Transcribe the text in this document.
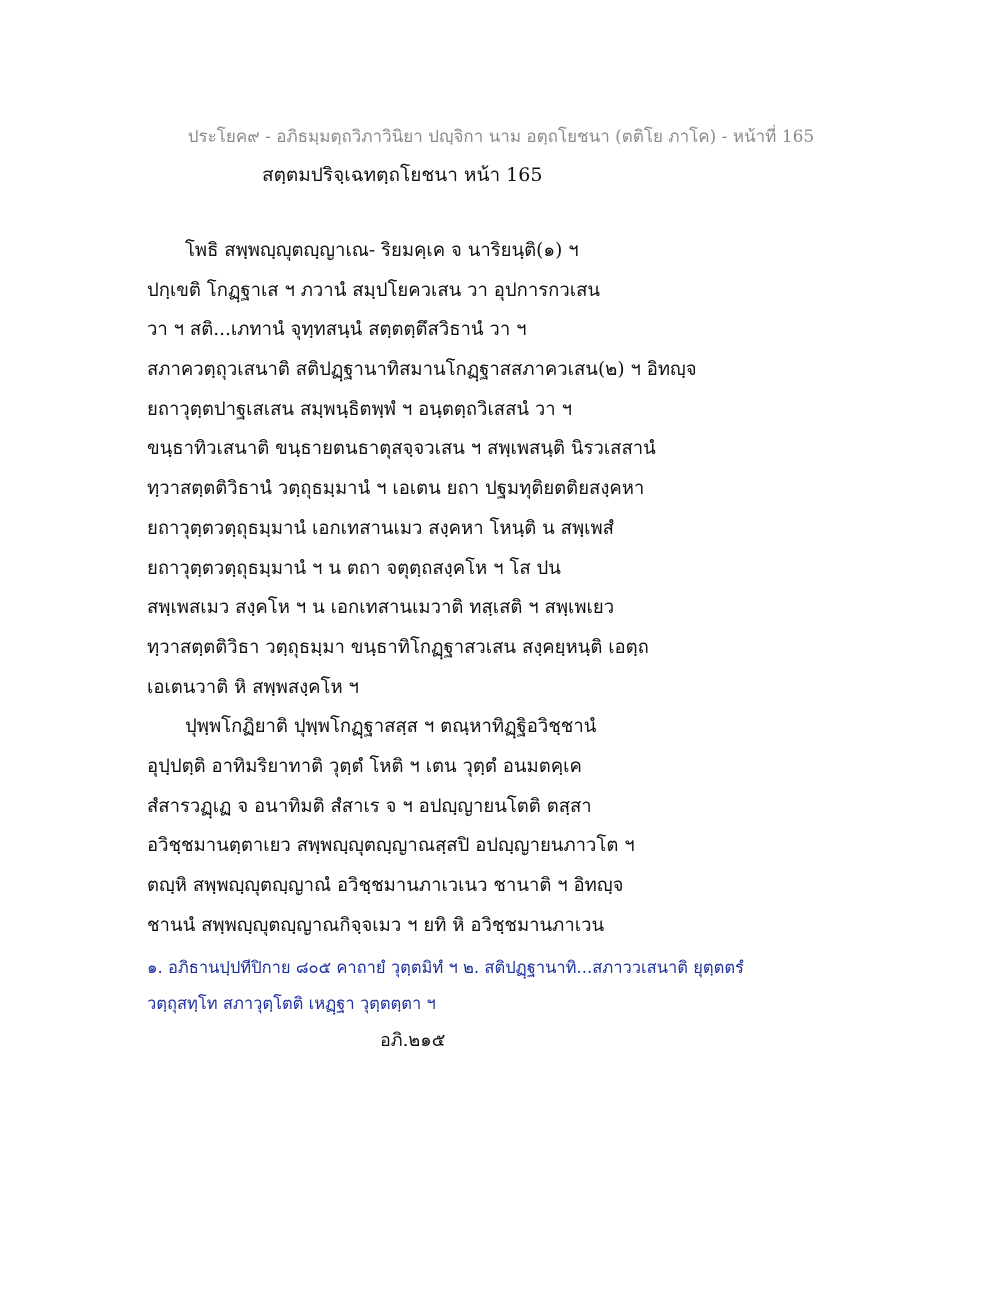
ประโยค๙ - อภิธมฺมตฺถวิภาวินิยา ปญฺจิกา นาม อตฺถโยชนา (ตติโย ภาโค) - หน้าที่ 165
สตฺตมปริจฺเฉทตฺถโยชนา หน้า 165
โพธิ สพฺพญฺญุตญฺญาเณ- ริยมคฺเค จ นาริยนฺติ(๑) ฯ
ปกฺเขติ โกฏฺฐาเส ฯ ภวานํ สมฺปโยควเสน วา อุปการกวเสน
วา ฯ สติ...เภทานํ จุทฺทสนฺนํ สตฺตตฺตึสวิธานํ วา ฯ
สภาควตฺถุวเสนาติ สติปฏฺฐานาทิสมานโกฏฺฐาสสภาควเสน(๒) ฯ อิทญฺจ
ยถาวุตฺตปาฐเสเสน สมฺพนฺธิตพฺพํ ฯ อนฺตตฺถวิเสสนํ วา ฯ
ขนฺธาทิวเสนาติ ขนฺธายตนธาตุสจฺจวเสน ฯ สพฺเพสนฺติ นิรวเสสานํ
ทฺวาสตฺตติวิธานํ วตฺถุธมฺมานํ ฯ เอเตน ยถา ปฐมทุติยตติยสงฺคหา
ยถาวุตฺตวตฺถุธมฺมานํ เอกเทสานเมว สงฺคหา โหนฺติ น สพฺเพสํ
ยถาวุตฺตวตฺถุธมฺมานํ ฯ น ตถา จตุตฺถสงฺคโห ฯ โส ปน
สพฺเพสเมว สงฺคโห ฯ น เอกเทสานเมวาติ ทสฺเสติ ฯ สพฺเพเยว
ทฺวาสตฺตติวิธา วตฺถุธมฺมา ขนฺธาทิโกฏฺฐาสวเสน สงฺคยฺหนฺติ เอตฺถ
เอเตนวาติ หิ สพฺพสงฺคโห ฯ
ปุพฺพโกฏิยาติ ปุพฺพโกฏฺฐาสสฺส ฯ ตณฺหาทิฏฺฐิอวิชฺชานํ
อุปฺปตฺติ อาทิมริยาทาติ วุตฺตํ โหติ ฯ เตน วุตฺตํ อนมตคฺเค
สํสารวฏฺเฏ จ อนาทิมติ สํสาเร จ ฯ อปญฺญายนโตติ ตสฺสา
อวิชฺชมานตฺตาเยว สพฺพญฺญุตญฺญาณสฺสปิ อปญฺญายนภาวโต ฯ
ตญฺหิ สพฺพญฺญุตญฺญาณํ อวิชฺชมานภาเวเนว ชานาติ ฯ อิทญฺจ
ชานนํ สพฺพญฺญุตญฺญาณกิจฺจเมว ฯ ยทิ หิ อวิชฺชมานภาเวน
๑. อภิธานปฺปทีปิกาย ๘๐๕ คาถายํ วุตฺตมิทํ ฯ ๒. สติปฏฺฐานาทิ...สภาววเสนาติ ยุตฺตตรํ
วตฺถุสทฺโท สภาวุตฺโตติ เหฏฺฐา วุตฺตตฺตา ฯ
อภิ.๒๑๕
